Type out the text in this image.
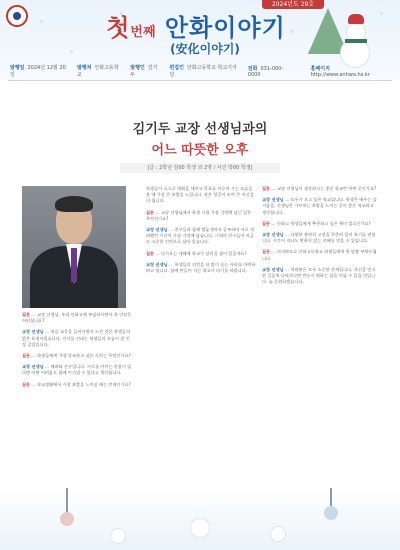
2024년도 29호
첫번째 안화이야기
(安化이야기)
발행일 2024년 12월 20일
발행처 안화고등학교
발행인 김기두
편집인 안화고등학교 학교기자단
전화 031-000-0000
홈페이지http://www.anhwa.hs.kr
김기두 교장 선생님과의
어느 따뜻한 오후
[글 : 2학년 김00 학생 외 2명 / 사진 박00 학생]

질문 … 교장 선생님, 우리 안화고에 부임하시면서 첫 인상은 어떠셨나요?

교장 선생님 … 처음 교문을 들어서면서 느낀 것은 학생들의 밝은 표정이었습니다. 인사를 건네는 학생들의 모습이 참 인상 깊었습니다.

질문 … 학생들에게 가장 강조하고 싶은 가치는 무엇인가요?

교장 선생님 … 배려와 존중입니다. 서로를 아끼는 마음이 있다면 어떤 어려움도 함께 이겨낼 수 있다고 생각합니다.

질문 … 학교생활에서 가장 보람을 느끼실 때는 언제인가요?

학생들이 스스로 계획을 세우고 목표를 이루어 가는 모습을 볼 때 가장 큰 보람을 느낍니다. 작은 성공이 모여 큰 자신감이 됩니다.

질문 … 교장 선생님께서 학생 시절 가장 기억에 남는 일은 무엇인가요?

교장 선생님 … 친구들과 함께 밤늦게까지 공부하며 서로 격려했던 시간이 가장 기억에 남습니다. 그때의 친구들이 지금도 소중한 인연으로 남아 있습니다.

질문 … 다가오는 새해에 학교가 달라질 점이 있을까요?

교장 선생님 … 학생들의 의견을 더 많이 듣는 자리를 마련하려고 합니다. 함께 만들어 가는 학교가 되기를 바랍니다.

질문 … 교장 선생님이 생각하시는 좋은 학교란 어떤 곳인가요?

교장 선생님 … 모두가 오고 싶은 학교입니다. 학생은 배우는 즐거움을, 선생님은 가르치는 보람을 느끼는 곳이 좋은 학교라고 생각합니다.

질문 … 안화고 학생들에게 추천하고 싶은 책이 있으신가요?

교장 선생님 … 다양한 분야의 고전을 꾸준히 읽어 보기를 권합니다. 시간이 지나도 변하지 않는 지혜를 얻을 수 있습니다.

질문 … 마지막으로 안화고등학교 학생들에게 한 말씀 부탁드립니다.

교장 선생님 … 여러분은 모두 소중한 존재입니다. 자신을 믿고 한 걸음씩 나아간다면 반드시 원하는 꿈을 이룰 수 있을 것입니다. 늘 응원하겠습니다.
